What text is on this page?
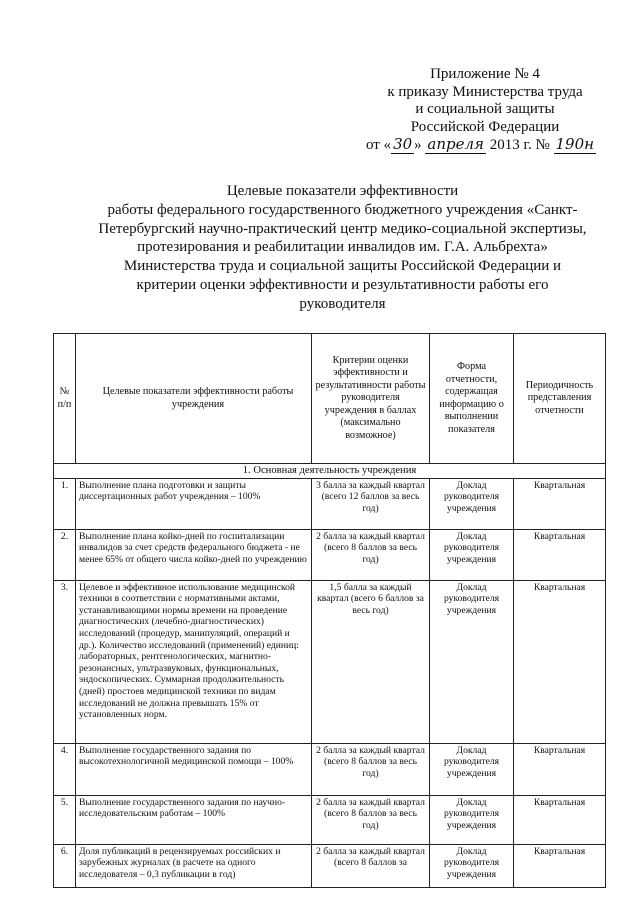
Приложение № 4
к приказу Министерства труда
и социальной защиты
Российской Федерации
от « 30 » апреля 2013 г. № 190н
Целевые показатели эффективности
работы федерального государственного бюджетного учреждения «Санкт-
Петербургский научно-практический центр медико-социальной экспертизы,
протезирования и реабилитации инвалидов им. Г.А. Альбрехта»
Министерства труда и социальной защиты Российской Федерации и
критерии оценки эффективности и результативности работы его
руководителя
№ п/п	Целевые показатели эффективности работы учреждения	Критерии оценки эффективности и результативности работы руководителя учреждения в баллах (максимально возможное)	Форма отчетности, содержащая информацию о выполнении показателя	Периодичность представления отчетности
1. Основная деятельность учреждения				
1.	Выполнение плана подготовки и защиты диссертационных работ учреждения – 100%	3 балла за каждый квартал (всего 12 баллов за весь год)	Доклад руководителя учреждения	Квартальная
2.	Выполнение плана койко-дней по госпитализации инвалидов за счет средств федерального бюджета - не менее 65% от общего числа койко-дней по учреждению	2 балла за каждый квартал (всего 8 баллов за весь год)	Доклад руководителя учреждения	Квартальная
3.	Целевое и эффективное использование медицинской техники в соответствии с нормативными актами, устанавливающими нормы времени на проведение диагностических (лечебно-диагностических) исследований (процедур, манипуляций, операций и др.). Количество исследований (применений) единиц: лабораторных, рентгенологических, магнитно-резонансных, ультразвуковых, функциональных, эндоскопических. Суммарная продолжительность (дней) простоев медицинской техники по видам исследований не должна превышать 15% от установленных норм.	1,5 балла за каждый квартал (всего 6 баллов за весь год)	Доклад руководителя учреждения	Квартальная
4.	Выполнение государственного задания по высокотехнологичной медицинской помощи – 100%	2 балла за каждый квартал (всего 8 баллов за весь год)	Доклад руководителя учреждения	Квартальная
5.	Выполнение государственного задания по научно-исследовательским работам – 100%	2 балла за каждый квартал (всего 8 баллов за весь год)	Доклад руководителя учреждения	Квартальная
6.	Доля публикаций в рецензируемых российских и зарубежных журналах (в расчете на одного исследователя – 0,3 публикации в год)	2 балла за каждый квартал (всего 8 баллов за	Доклад руководителя учреждения	Квартальная
